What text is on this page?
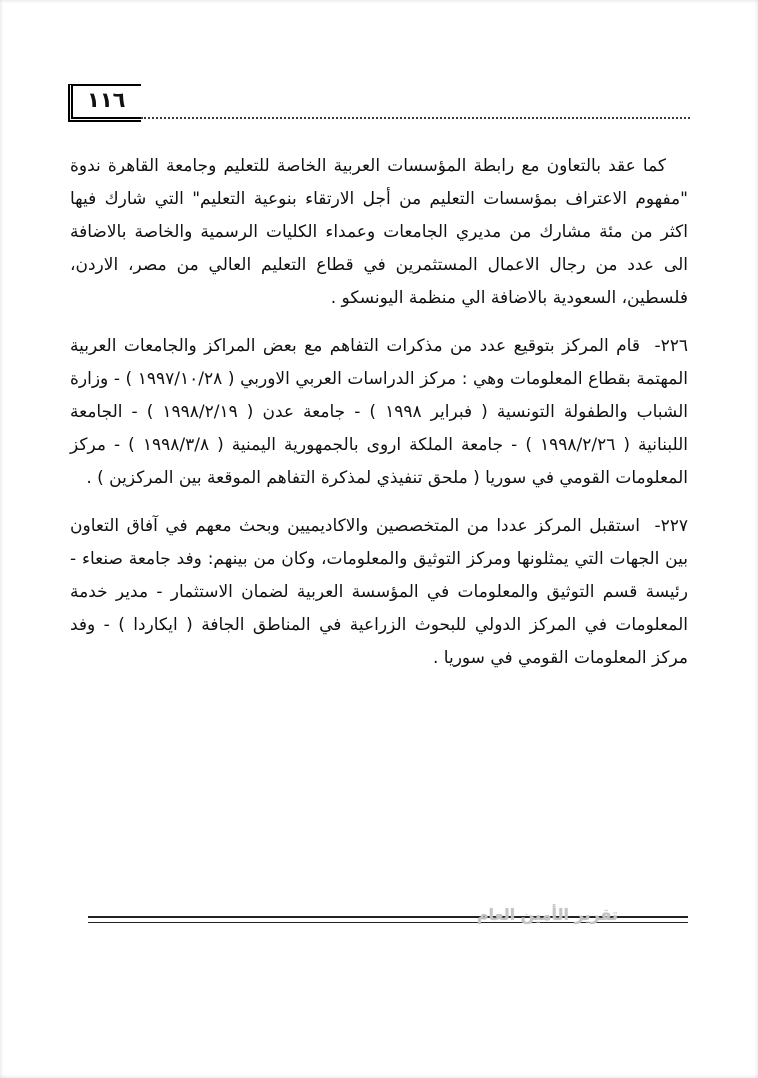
١١٦

كما عقد بالتعاون مع رابطة المؤسسات العربية الخاصة للتعليم وجامعة القاهرة ندوة "مفهوم الاعتراف بمؤسسات التعليم من أجل الارتقاء بنوعية التعليم" التي شارك فيها اكثر من مئة مشارك من مديري الجامعات وعمداء الكليات الرسمية والخاصة بالاضافة الى عدد من رجال الاعمال المستثمرين في قطاع التعليم العالي من مصر، الاردن، فلسطين، السعودية بالاضافة الي منظمة اليونسكو .

٢٢٦- قام المركز بتوقيع عدد من مذكرات التفاهم مع بعض المراكز والجامعات العربية المهتمة بقطاع المعلومات وهي : مركز الدراسات العربي الاوربي ( ١٩٩٧/١٠/٢٨ ) - وزارة الشباب والطفولة التونسية ( فبراير ١٩٩٨ ) - جامعة عدن ( ١٩٩٨/٢/١٩ ) - الجامعة اللبنانية ( ١٩٩٨/٢/٢٦ ) - جامعة الملكة اروى بالجمهورية اليمنية ( ١٩٩٨/٣/٨ ) - مركز المعلومات القومي في سوريا ( ملحق تنفيذي لمذكرة التفاهم الموقعة بين المركزين ) .

٢٢٧- استقبل المركز عددا من المتخصصين والاكاديميين وبحث معهم في آفاق التعاون بين الجهات التي يمثلونها ومركز التوثيق والمعلومات، وكان من بينهم: وفد جامعة صنعاء - رئيسة قسم التوثيق والمعلومات في المؤسسة العربية لضمان الاستثمار - مدير خدمة المعلومات في المركز الدولي للبحوث الزراعية في المناطق الجافة ( ايكاردا ) - وفد مركز المعلومات القومي في سوريا .

تقرير الأمين العام
